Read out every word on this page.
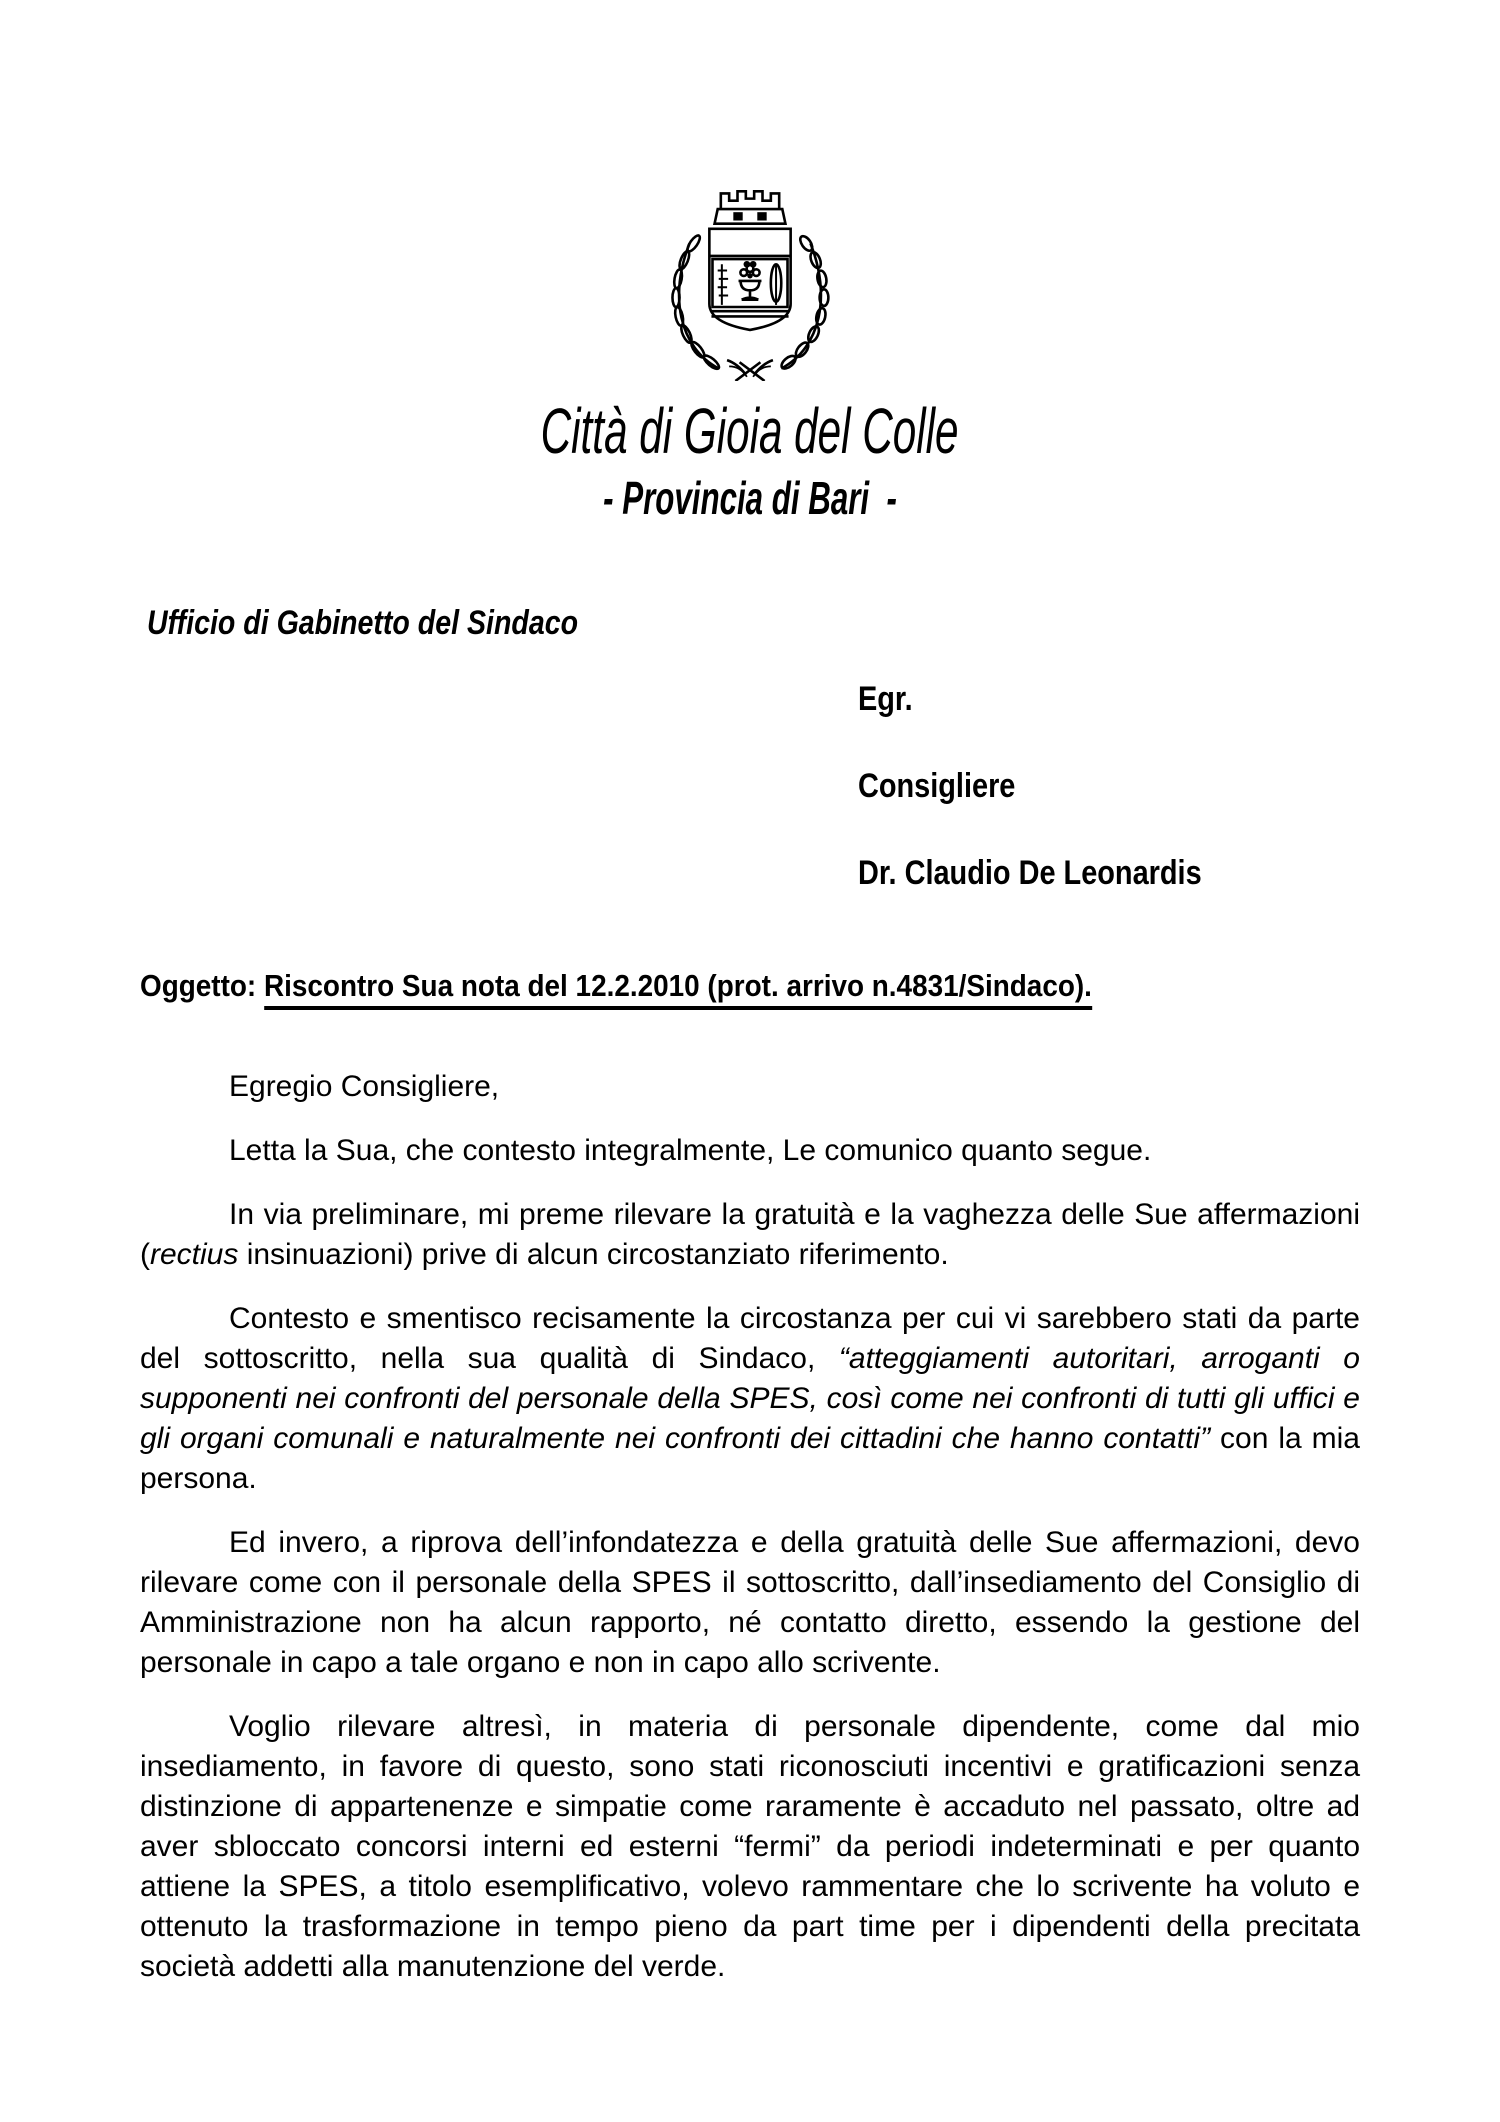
Città di Gioia del Colle
- Provincia di Bari  -
Ufficio di Gabinetto del Sindaco

Egr.

Consigliere

Dr. Claudio De Leonardis

Oggetto: Riscontro Sua nota del 12.2.2010 (prot. arrivo n.4831/Sindaco).

Egregio Consigliere,

Letta la Sua, che contesto integralmente, Le comunico quanto segue.

In via preliminare, mi preme rilevare la gratuità e la vaghezza delle Sue affermazioni (rectius insinuazioni) prive di alcun circostanziato riferimento.

Contesto e smentisco recisamente la circostanza per cui vi sarebbero stati da parte del sottoscritto, nella sua qualità di Sindaco, “atteggiamenti autoritari, arroganti o supponenti nei confronti del personale della SPES, così come nei confronti di tutti gli uffici e gli organi comunali e naturalmente nei confronti dei cittadini che hanno contatti” con la mia persona.

Ed invero, a riprova dell’infondatezza e della gratuità delle Sue affermazioni, devo rilevare come con il personale della SPES il sottoscritto, dall’insediamento del Consiglio di Amministrazione non ha alcun rapporto, né contatto diretto, essendo la gestione del personale in capo a tale organo e non in capo allo scrivente.

Voglio rilevare altresì, in materia di personale dipendente, come dal mio insediamento, in favore di questo, sono stati riconosciuti incentivi e gratificazioni senza distinzione di appartenenze e simpatie come raramente è accaduto nel passato, oltre ad aver sbloccato concorsi interni ed esterni “fermi” da periodi indeterminati e per quanto attiene la SPES, a titolo esemplificativo, volevo rammentare che lo scrivente ha voluto e ottenuto la trasformazione in tempo pieno da part time per i dipendenti della precitata società addetti alla manutenzione del verde.
